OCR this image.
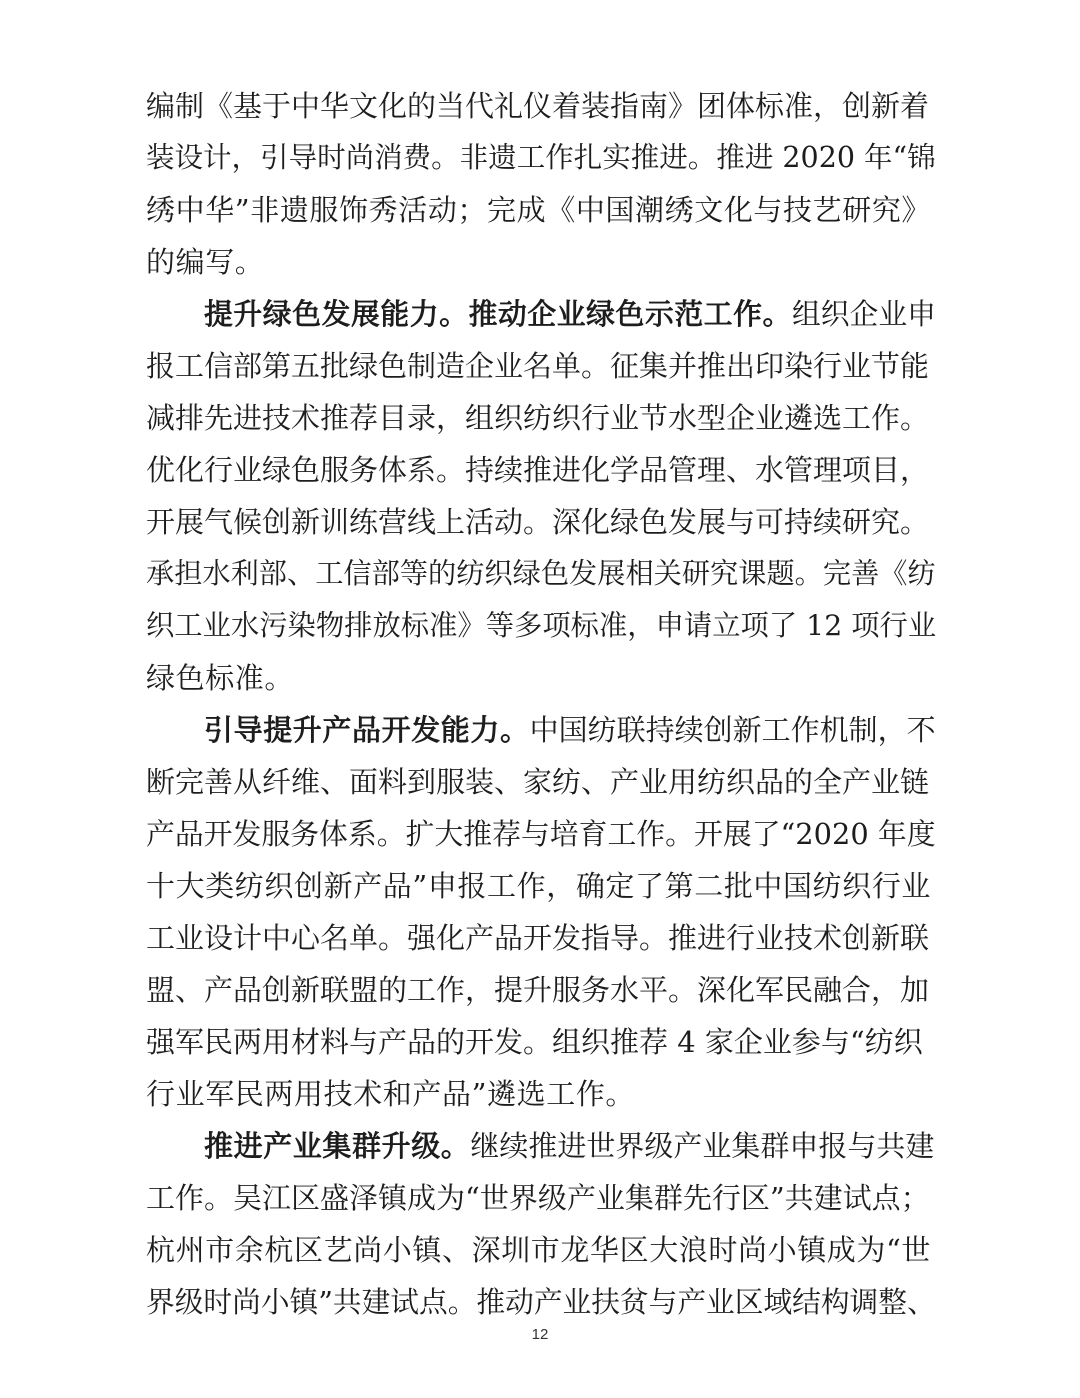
编制《基于中华文化的当代礼仪着装指南》团体标准，创新着
装设计，引导时尚消费。非遗工作扎实推进。推进 2020 年“锦
绣中华”非遗服饰秀活动；完成《中国潮绣文化与技艺研究》
的编写。
提升绿色发展能力。推动企业绿色示范工作。组织企业申
报工信部第五批绿色制造企业名单。征集并推出印染行业节能
减排先进技术推荐目录，组织纺织行业节水型企业遴选工作。
优化行业绿色服务体系。持续推进化学品管理、水管理项目，
开展气候创新训练营线上活动。深化绿色发展与可持续研究。
承担水利部、工信部等的纺织绿色发展相关研究课题。完善《纺
织工业水污染物排放标准》等多项标准，申请立项了 12 项行业
绿色标准。
引导提升产品开发能力。中国纺联持续创新工作机制，不
断完善从纤维、面料到服装、家纺、产业用纺织品的全产业链
产品开发服务体系。扩大推荐与培育工作。开展了“2020 年度
十大类纺织创新产品”申报工作，确定了第二批中国纺织行业
工业设计中心名单。强化产品开发指导。推进行业技术创新联
盟、产品创新联盟的工作，提升服务水平。深化军民融合，加
强军民两用材料与产品的开发。组织推荐 4 家企业参与“纺织
行业军民两用技术和产品”遴选工作。
推进产业集群升级。继续推进世界级产业集群申报与共建
工作。吴江区盛泽镇成为“世界级产业集群先行区”共建试点；
杭州市余杭区艺尚小镇、深圳市龙华区大浪时尚小镇成为“世
界级时尚小镇”共建试点。推动产业扶贫与产业区域结构调整、
12
